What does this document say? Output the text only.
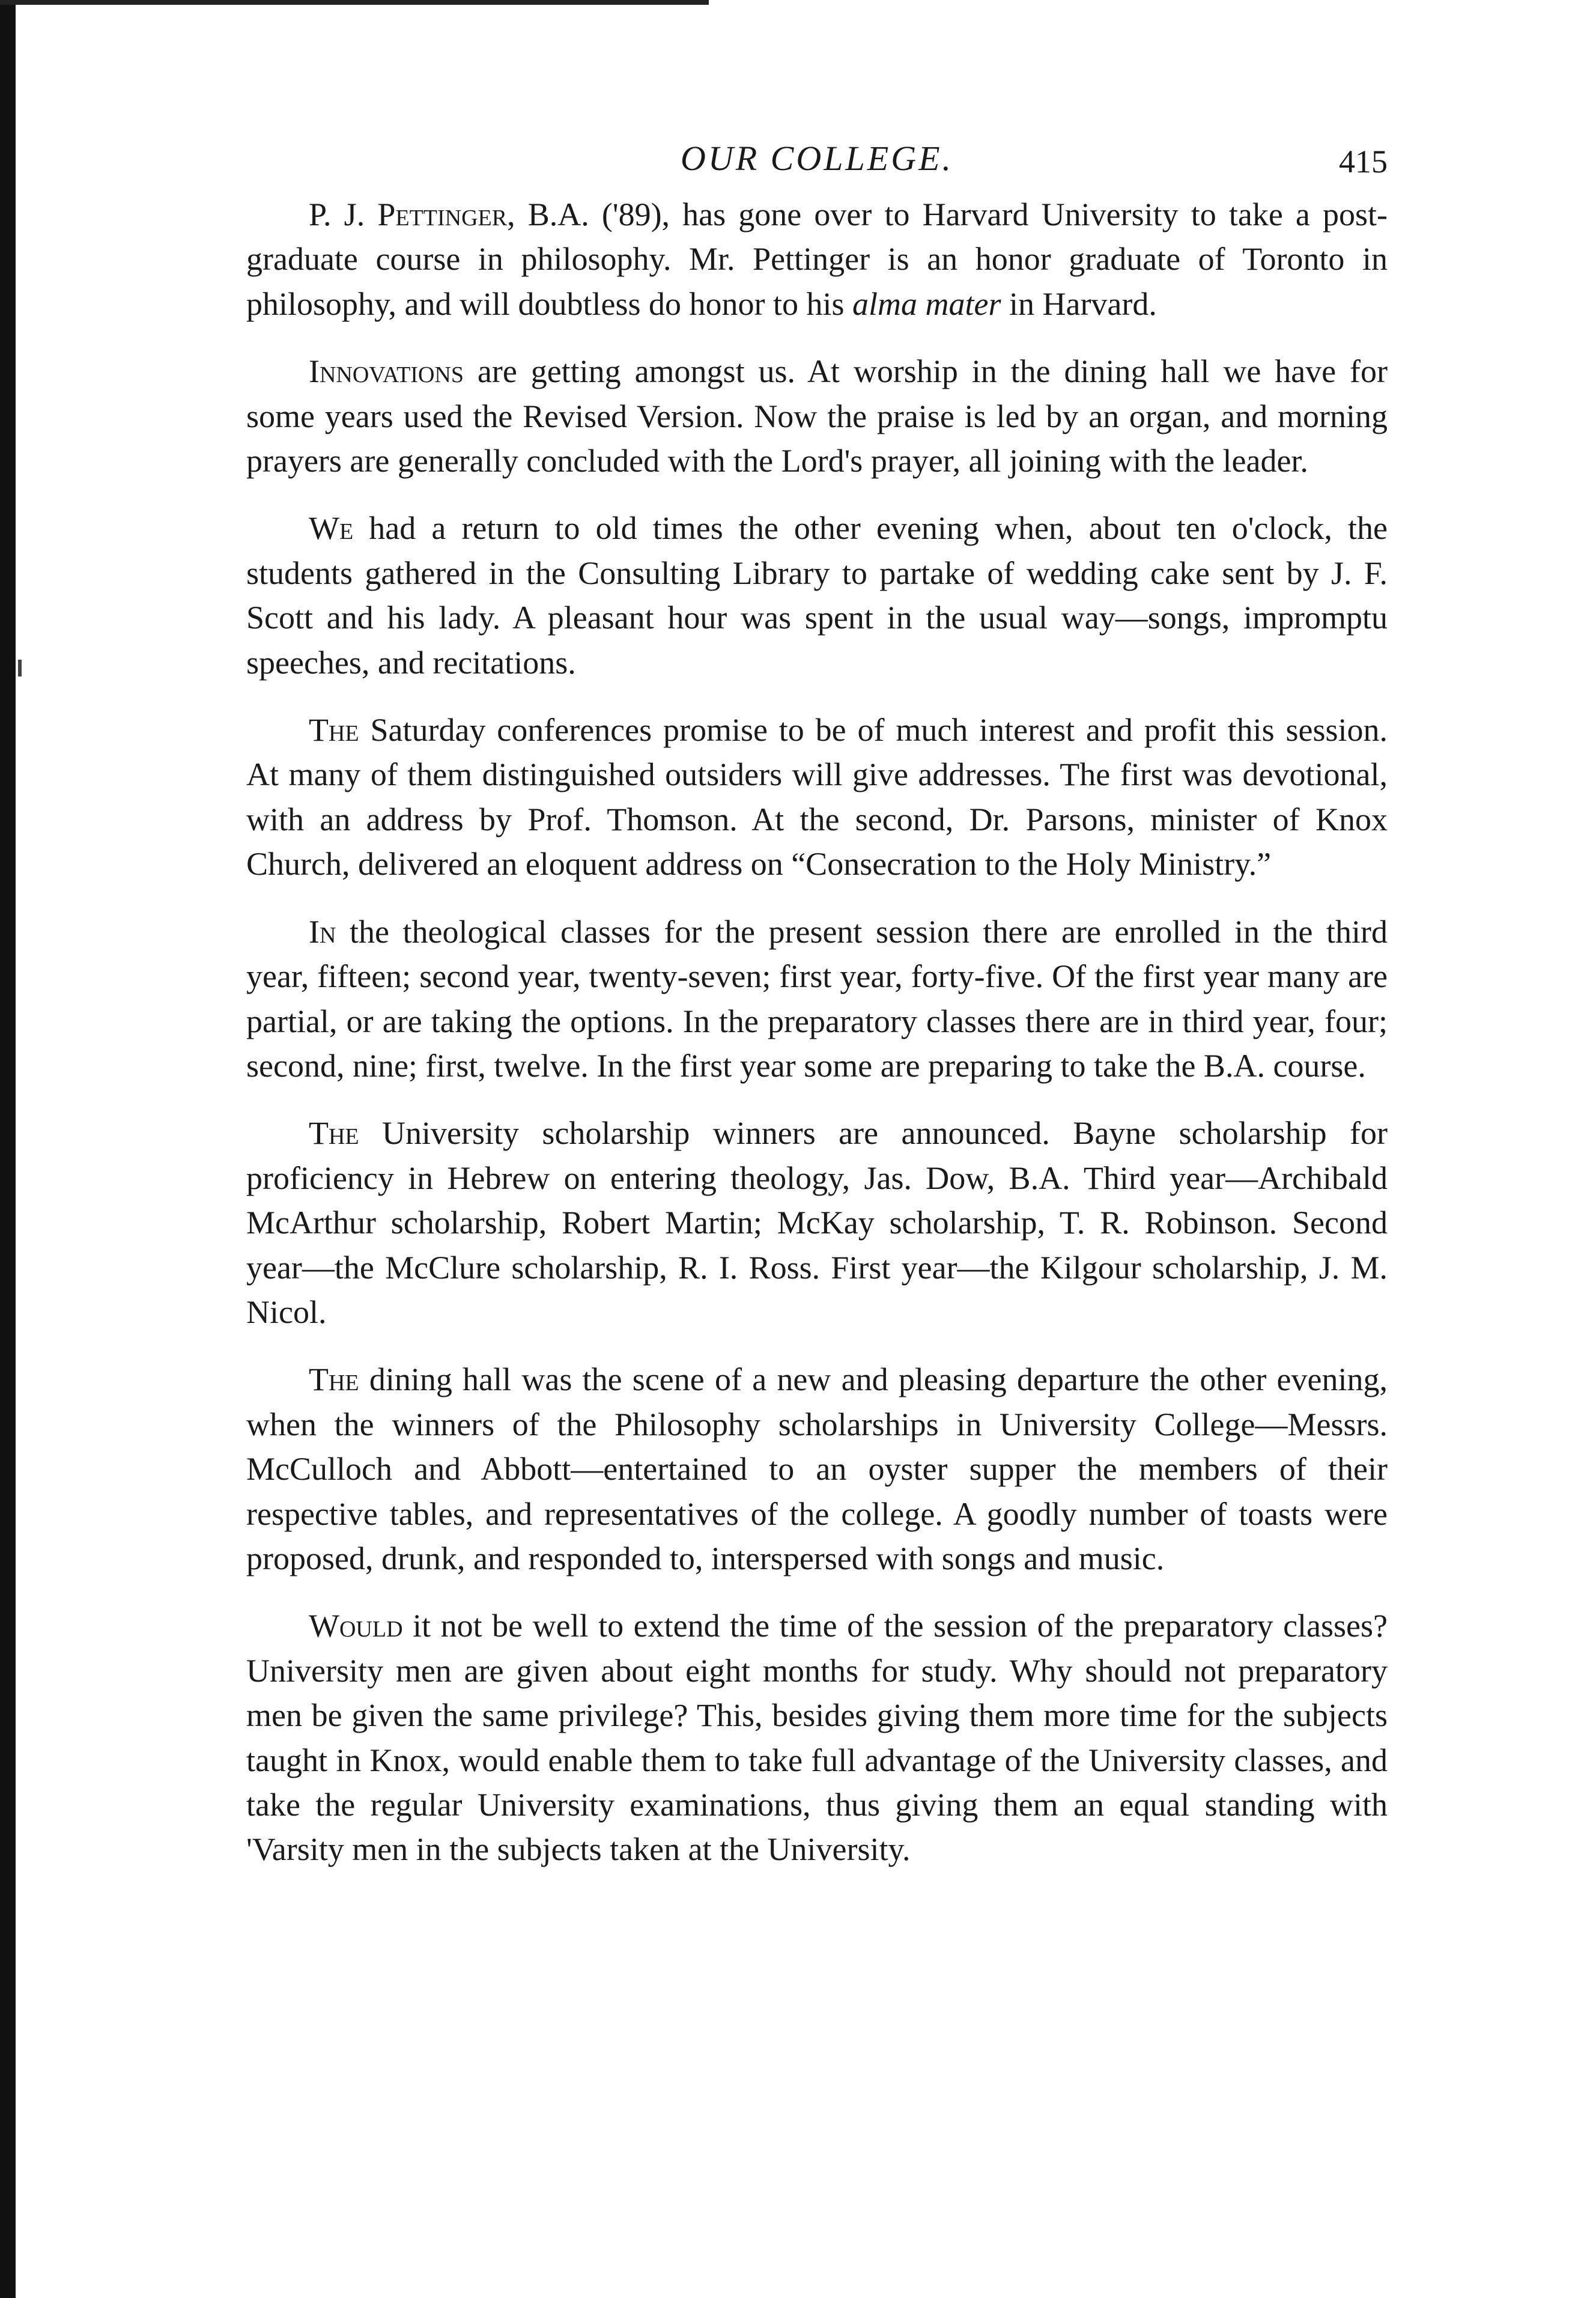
OUR COLLEGE.	415

P. J. Pettinger, B.A. ('89), has gone over to Harvard University to take a post-graduate course in philosophy. Mr. Pettinger is an honor graduate of Toronto in philosophy, and will doubtless do honor to his alma mater in Harvard.

Innovations are getting amongst us. At worship in the dining hall we have for some years used the Revised Version. Now the praise is led by an organ, and morning prayers are generally concluded with the Lord's prayer, all joining with the leader.

We had a return to old times the other evening when, about ten o'clock, the students gathered in the Consulting Library to partake of wedding cake sent by J. F. Scott and his lady. A pleasant hour was spent in the usual way—songs, impromptu speeches, and recitations.

The Saturday conferences promise to be of much interest and profit this session. At many of them distinguished outsiders will give addresses. The first was devotional, with an address by Prof. Thomson. At the second, Dr. Parsons, minister of Knox Church, delivered an eloquent address on “Consecration to the Holy Ministry.”

In the theological classes for the present session there are enrolled in the third year, fifteen; second year, twenty-seven; first year, forty-five. Of the first year many are partial, or are taking the options. In the preparatory classes there are in third year, four; second, nine; first, twelve. In the first year some are preparing to take the B.A. course.

The University scholarship winners are announced. Bayne scholarship for proficiency in Hebrew on entering theology, Jas. Dow, B.A. Third year—Archibald McArthur scholarship, Robert Martin; McKay scholarship, T. R. Robinson. Second year—the McClure scholarship, R. I. Ross. First year—the Kilgour scholarship, J. M. Nicol.

The dining hall was the scene of a new and pleasing departure the other evening, when the winners of the Philosophy scholarships in University College—Messrs. McCulloch and Abbott—entertained to an oyster supper the members of their respective tables, and representatives of the college. A goodly number of toasts were proposed, drunk, and responded to, interspersed with songs and music.

Would it not be well to extend the time of the session of the preparatory classes? University men are given about eight months for study. Why should not preparatory men be given the same privilege? This, besides giving them more time for the subjects taught in Knox, would enable them to take full advantage of the University classes, and take the regular University examinations, thus giving them an equal standing with 'Varsity men in the subjects taken at the University.
